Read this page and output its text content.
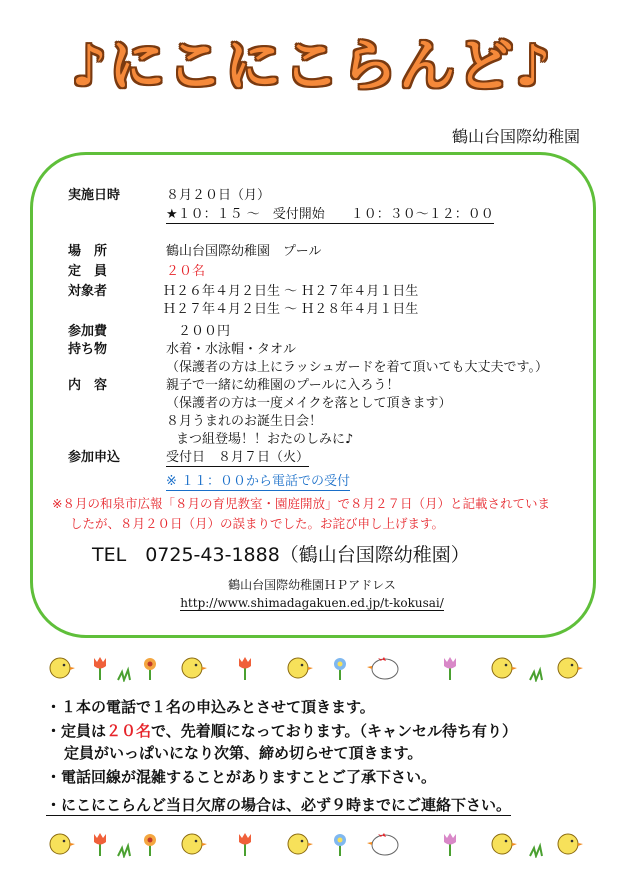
♪にこにこらんど♪
鶴山台国際幼稚園
実施日時	８月２０日（月）
★１０：１５ ～　受付開始　　１０：３０～１２：００
場　所	鶴山台国際幼稚園　プール
定　員	２０名
対象者	Ｈ２６年４月２日生 ～ Ｈ２７年４月１日生
Ｈ２７年４月２日生 ～ Ｈ２８年４月１日生
参加費	２００円
持ち物	水着・水泳帽・タオル
（保護者の方は上にラッシュガードを着て頂いても大丈夫です。）
内　容	親子で一緒に幼稚園のプールに入ろう！
（保護者の方は一度メイクを落として頂きます）
８月うまれのお誕生日会！
まつ組登場！！おたのしみに♪
参加申込	受付日　８月７日（火）
※ １１：００から電話での受付
※８月の和泉市広報「８月の育児教室・園庭開放」で８月２７日（月）と記載されていま
したが、８月２０日（月）の誤まりでした。お詫び申し上げます。
TEL　0725-43-1888（鶴山台国際幼稚園）
鶴山台国際幼稚園ＨＰアドレス
http://www.shimadagakuen.ed.jp/t-kokusai/
・１本の電話で１名の申込みとさせて頂きます。
・定員は２０名で、先着順になっております。（キャンセル待ち有り）
定員がいっぱいになり次第、締め切らせて頂きます。
・電話回線が混雑することがありますことご了承下さい。
・にこにこらんど当日欠席の場合は、必ず９時までにご連絡下さい。
